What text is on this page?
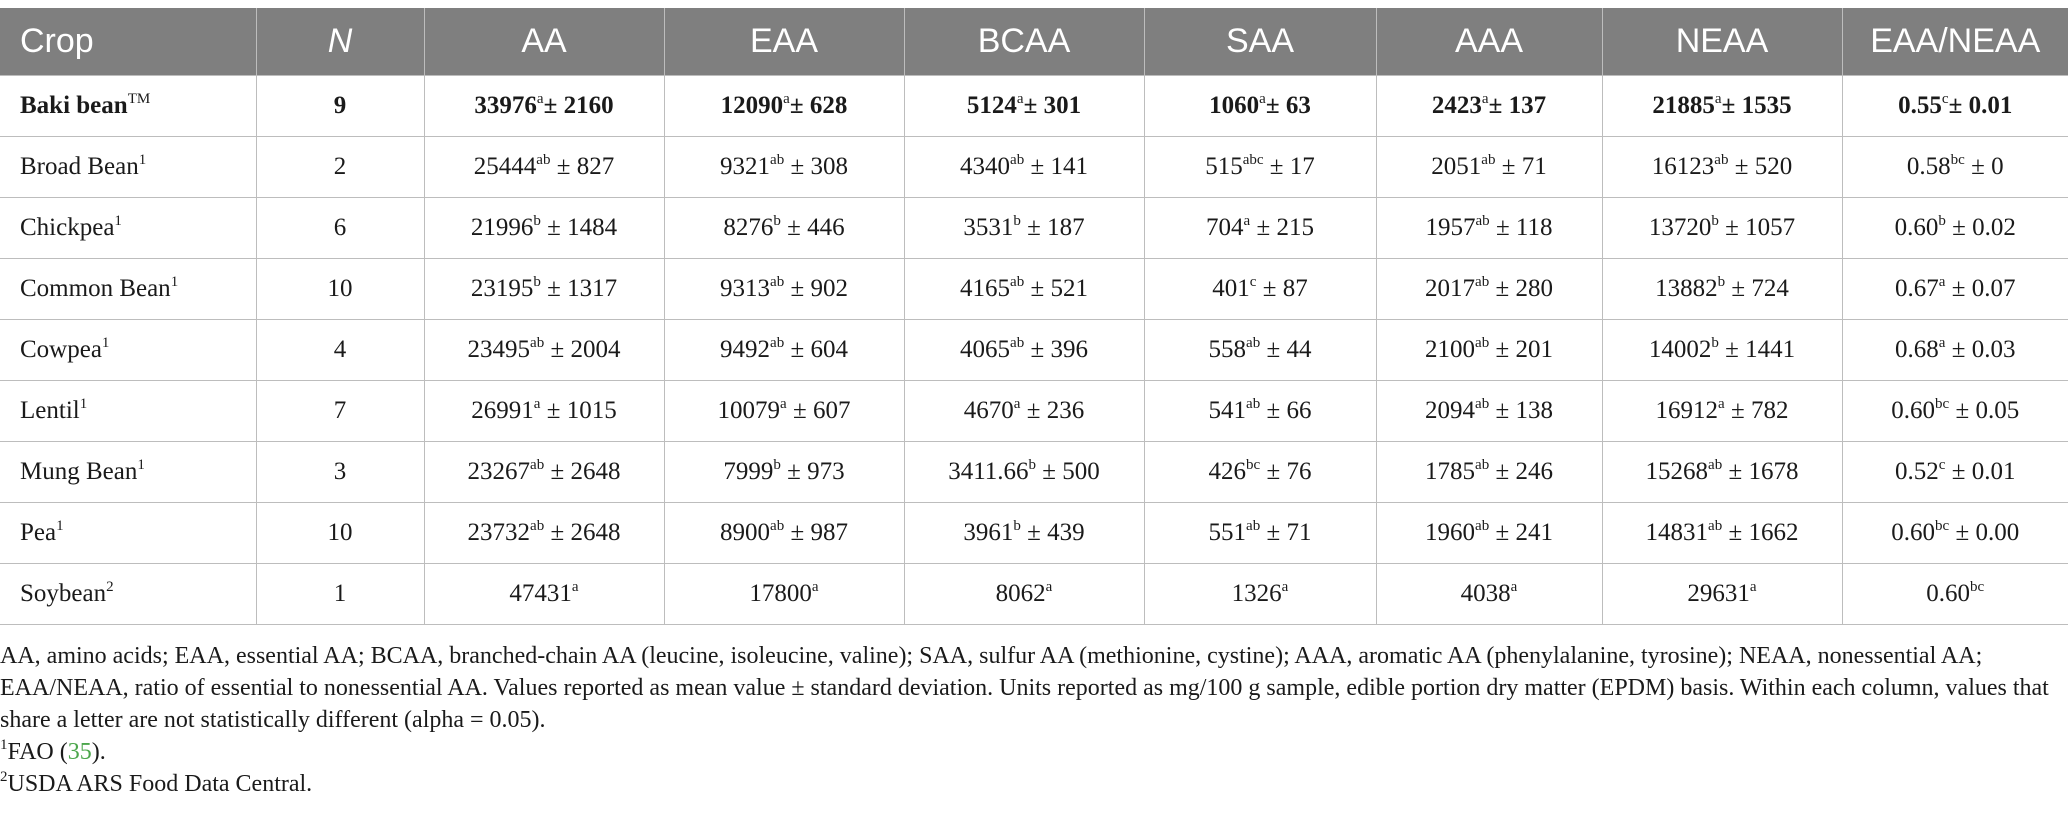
Crop	N	AA	EAA	BCAA	SAA	AAA	NEAA	EAA/NEAA
Baki bean™	9	$33976^a\pm 2160$	$12090^a\pm 628$	$5124^a\pm 301$	$1060^a\pm 63$	$2423^a\pm 137$	$21885^a\pm 1535$	0.55$^c$± 0.01
Broad Bean$^1$	2	$25444^{ab} \pm 827$	$9321^{ab} \pm 308$	$4340^{ab} \pm 141$	$515^{abc} \pm 17$	$2051^{ab} \pm 71$	$16123^{ab} \pm 520$	0.58$^{bc}$ ± 0
Chickpea$^1$	6	$21996^b \pm 1484$	$8276^b \pm 446$	$3531^b \pm 187$	$704^a \pm 215$	$1957^{ab} \pm 118$	$13720^b \pm 1057$	0.60$^b$ ± 0.02
Common Bean$^1$	10	$23195^b \pm 1317$	$9313^{ab} \pm 902$	$4165^{ab} \pm 521$	$401^c \pm 87$	$2017^{ab} \pm 280$	$13882^b \pm 724$	0.67$^a$ ± 0.07
Cowpea$^1$	4	$23495^{ab} \pm 2004$	$9492^{ab} \pm 604$	$4065^{ab} \pm 396$	$558^{ab} \pm 44$	$2100^{ab} \pm 201$	$14002^b \pm 1441$	0.68$^a$ ± 0.03
Lentil$^1$	7	$26991^a \pm 1015$	$10079^a \pm 607$	$4670^a \pm 236$	$541^{ab} \pm 66$	$2094^{ab} \pm 138$	$16912^a \pm 782$	0.60$^{bc}$ ± 0.05
Mung Bean$^1$	3	$23267^{ab} \pm 2648$	$7999^b \pm 973$	3411.66$^b$ ± 500	$426^{bc} \pm 76$	$1785^{ab} \pm 246$	$15268^{ab} \pm 1678$	0.52$^c$ ± 0.01
Pea$^1$	10	$23732^{ab} \pm 2648$	$8900^{ab} \pm 987$	$3961^b \pm 439$	$551^{ab} \pm 71$	$1960^{ab} \pm 241$	$14831^{ab} \pm 1662$	0.60$^{bc}$ ± 0.00
Soybean$^2$	1	47431$^a$	17800$^a$	8062$^a$	1326$^a$	4038$^a$	29631$^a$	0.60$^{bc}$

AA, amino acids; EAA, essential AA; BCAA, branched-chain AA (leucine, isoleucine, valine); SAA, sulfur AA (methionine, cystine); AAA, aromatic AA (phenylalanine, tyrosine); NEAA, nonessential AA; EAA/NEAA, ratio of essential to nonessential AA. Values reported as mean value ± standard deviation. Units reported as mg/100 g sample, edible portion dry matter (EPDM) basis. Within each column, values that share a letter are not statistically different (alpha = 0.05).

$^1$FAO (35).

$^2$USDA ARS Food Data Central.
